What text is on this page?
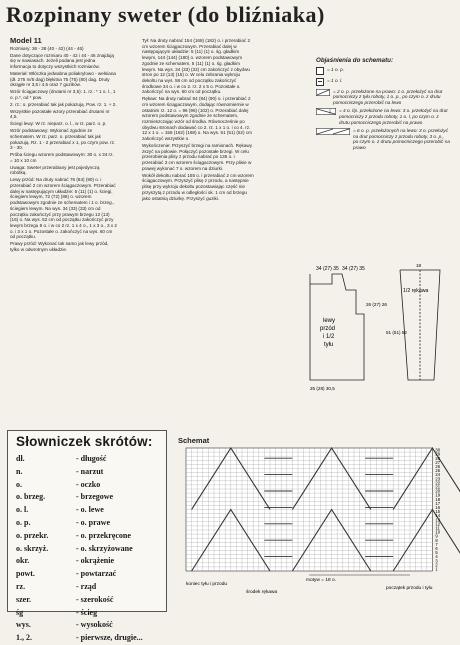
Rozpinany sweter (do bliźniaka)
Model 11

Rozmiary: 36 - 38 (40 - 42) (44 - 46)

Dane dotyczące rozmiaru 40 - 42 i 44 - 46 znajdują się w nawiasach. Jeżeli podana jest jedna informacja to dotyczy wszystkich rozmiarów.

Materiał: Włóczka jedwabna poliakrylowo - wełniana (dł. 275 m/5 dag) błękitna 75 (75) (80) dag. Druty okrągłe nr 3,5 i 4,5 oraz 7 guzików.

Wzór ściągaczowy (drutami nr 3,5): 1. rz.: * 1 o. l., 1 o. p.*, od * pow.

2. rz.: o. przerabiać tak jak pokazują. Pow. rz. 1. + 2.

Wszystkie pozostałe wzory przerabiać drutami nr 4,5.

Ściegi lewy: W rz. nieparz. o. l., w rz. parz. o. p.

Wzór podstawowy: Wykonać zgodnie ze schematem. W rz. parz. o. przerabiać tak jak pokazują. Rz. 1 - 2 przerabiać x 1, po czym pow. rz. 3 - 30.

Próba ściegu wzorem podstawowym: 30 o. x 34 rz. = 10 x 10 cm

Uwaga: Sweter przerabiany jest pojedynczą robótką.

Lewy przód: Na druty nabrać 76 (84) (90) o. i przerabiać 2 cm wzorem ściągaczowym. Przerabiać dalej w następującym układzie: 5 (11) (1) o. ściegi, ściegiem lewym, 72 (72) (88) o. wzorem podstawowym zgodnie ze schematem i 1 o. brzeg., ściegiem lewym. Na wys. 34 (33) (33) cm od początku zakończyć przy prawym brzegu 12 (13) (16) o. Na wys. 52 cm od początku zakończyć przy lewym brzegu 8 o. i w co 2 rz. 1 x 4 o., 1 x 3 o., 3 x 2 o. i 3 x 1 o. Pozostałe o. zakończyć na wys. 60 cm od początku.

Prawy przód: Wykonać tak samo jak lewy przód, tylko w odwrotnym układzie.

Tył: Na druty nabrać 154 (168) (182) o. i przerabiać 2 cm wzorem ściągaczowym. Przerabiać dalej w następującym układzie: 5 (11) (1) o. śg. gładkim lewym, 144 (144) (180) o. wzorem podstawowym zgodnie ze schematem, 5 (11) (1) o. śg. gładkim lewym. Na wys. 34 (33) (32) cm zakończyć z obydwu stron po 12 (13) (15) o. W celu zebrania wykroju dekoltu na wys. 58 cm od początku zakończyć środkowe 34 o. i w co 2. rz. 2 x 5 o. Pozostałe o. zakończyć na wys. 60 cm od początku.

Rękaw: Na druty nabrać 84 (84) (90) o. i przerabiać 2 cm wzorem ściągaczowym, dodając równomiernie w ostatnim rz. 12 o. = 96 (96) (102) o. Przerabiać dalej wzorem podstawowym zgodnie ze schematem, rozmieszczając wzór od środka. Równocześnie po obydwu stronach dodawać co 2. rz. 1 x 1 o. i co 4. rz. 12 x 1 o. = 156 (162) (168) o. Na wys. 51 (51) (52) cm zakończyć wszystkie o.

Wykończenie: Przyszyć brzegi na ramionach. Rękawy zszyć na połowie. Połączyć pozostałe brzegi. W celu przerobienia plisy z przodu nabrać po 135 o. i przerabiać 3 cm wzorem ściągaczowym. Przy plisie w prawej wykonać 7 o. wzorem na dziurki.

Wokół dekoltu nabrać 155 o. i przerabiać 2 cm wzorem ściągaczowym. Przyszyć plisę z przodu, a następnie plisę przy wykroju dekoltu pozostawiając część nie przyszytą z przodu w odległości ok. 1 cm od brzegu jako ostatnią dziurkę. Przyszyć guziki.

Objaśnienia do schematu:
= 1 o. p.
= 1 o. l.
= 2 o. p. przełożone na prawo: 1 o. przełożyć na drut pomocniczy z tyłu roboty, 1 o. p., po czym o. z drutu pomocniczego przerobić na lewo
= 4 o. l/p. przełożone na lewo: 3 o. przełożyć na drut pomocniczy z przodu roboty, 1 o. l, po czym o. z drutu pomocniczego przerobić na prawo
= 6 o. p. przełożonych na lewo: 3 o. przełożyć na drut pomocniczy z przodu roboty, 3 o. p., po czym o. z drutu pomocniczego przerobić na prawo
34 (27) 35 34 (27) 35
26 (27) 26
51 (51) 52
lewy
przód
i 1/2
tyłu
25 (28) 30,5
1/2 rękawa
18
Słowniczek skrótów:
dł.	- długość
n.	- narzut
o.	- oczko
o. brzeg.	- brzegowe
o. l.	- o. lewe
o. p.	- o. prawe
o. przekr.	- o. przekręcone
o. skrzyż.	- o. skrzyżowane
okr.	- okrążenie
powt.	- powtarzać
rz.	- rząd
szer.	- szerokość
śg	- ścieg
wys.	- wysokość
1., 2.	- pierwsze, drugie...
Schemat
30
29
28
27
26
25
24
23
22
21
20
19
18
17
16
15
14
13
12
11
10
9
8
7
6
5
4
3
2
1
koniec tyłu i przodu
środek rękawa
motyw = 18 o.
początek przodu i tyłu
